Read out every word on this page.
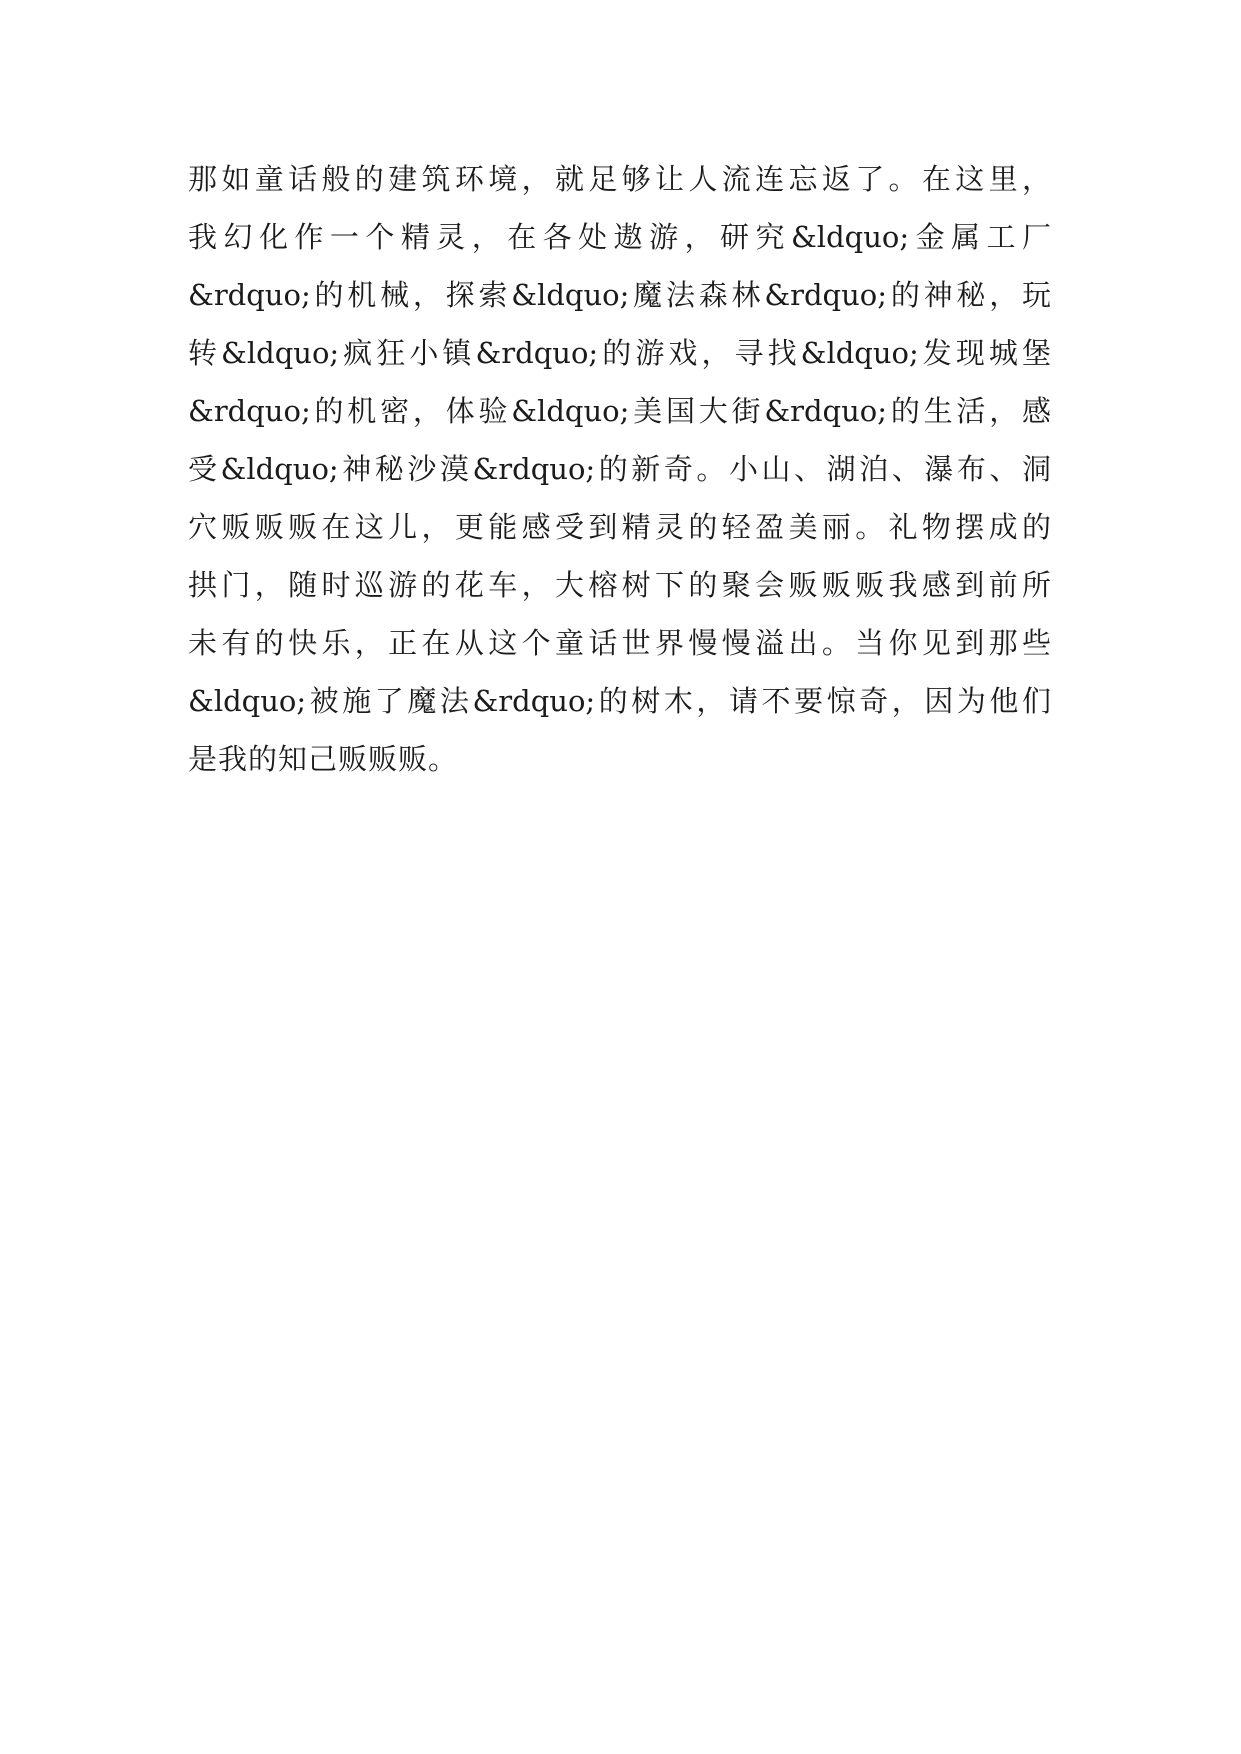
那如童话般的建筑环境，就足够让人流连忘返了。在这里，
我幻化作一个精灵，在各处遨游，研究&ldquo;金属工厂
&rdquo;的机械，探索&ldquo;魔法森林&rdquo;的神秘，玩
转&ldquo;疯狂小镇&rdquo;的游戏，寻找&ldquo;发现城堡
&rdquo;的机密，体验&ldquo;美国大街&rdquo;的生活，感
受&ldquo;神秘沙漠&rdquo;的新奇。小山、湖泊、瀑布、洞
穴贩贩贩在这儿，更能感受到精灵的轻盈美丽。礼物摆成的
拱门，随时巡游的花车，大榕树下的聚会贩贩贩我感到前所
未有的快乐，正在从这个童话世界慢慢溢出。当你见到那些
&ldquo;被施了魔法&rdquo;的树木，请不要惊奇，因为他们
是我的知己贩贩贩。
